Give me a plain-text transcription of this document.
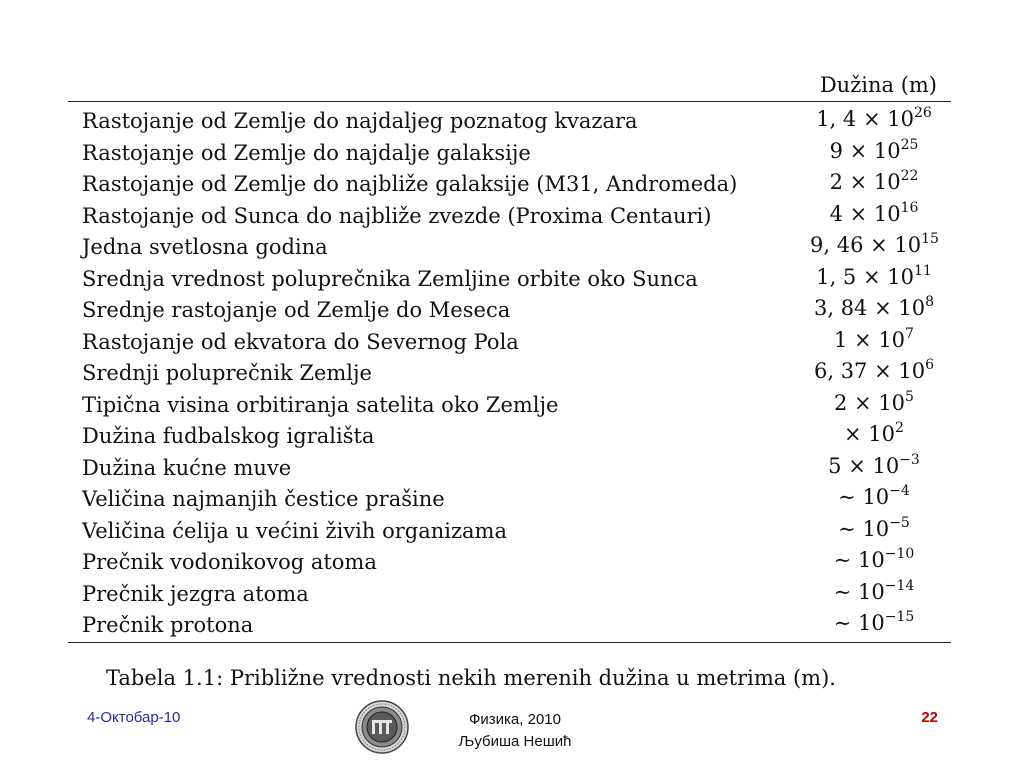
Dužina (m)
Rastojanje od Zemlje do najdaljeg poznatog kvazara	1, $4 \times 10^{26}$
Rastojanje od Zemlje do najdalje galaksije	$9 \times 10^{25}$
Rastojanje od Zemlje do najbliže galaksije (M31, Andromeda)	$2 \times 10^{22}$
Rastojanje od Sunca do najbliže zvezde (Proxima Centauri)	$4 \times 10^{16}$
Jedna svetlosna godina	9, $46 \times 10^{15}$
Srednja vrednost poluprečnika Zemljine orbite oko Sunca	1, $5 \times 10^{11}$
Srednje rastojanje od Zemlje do Meseca	3, $84 \times 10^8$
Rastojanje od ekvatora do Severnog Pola	$1 \times 10^7$
Srednji poluprečnik Zemlje	6, $37 \times 10^6$
Tipična visina orbitiranja satelita oko Zemlje	$2 \times 10^5$
Dužina fudbalskog igrališta	× $10^2$
Dužina kućne muve	$5 \times 10^{-3}$
Veličina najmanjih čestice prašine	∼ $10^{-4}$
Veličina ćelija u većini živih organizama	∼ $10^{-5}$
Prečnik vodonikovog atoma	∼ $10^{-10}$
Prečnik jezgra atoma	∼ $10^{-14}$
Prečnik protona	∼ $10^{-15}$
Tabela 1.1: Približne vrednosti nekih merenih dužina u metrima (m).
4-Октобар-10	Физика, 2010
Љубиша Нешић
22
